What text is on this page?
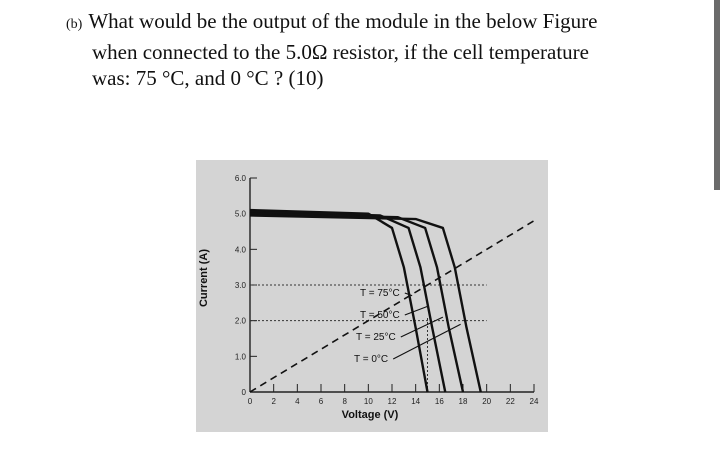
(b) What would be the output of the module in the below Figure
when connected to the 5.0Ω resistor, if the cell temperature
was: 75 °C, and 0 °C ? (10)
0
1.0
2.0
3.0
4.0
5.0
6.0
0 2 4 6 8 10 12 14 16 18 20 22 24
T = 75°C
T = 50°C
T = 25°C
T = 0°C
Current (A)
Voltage (V)
